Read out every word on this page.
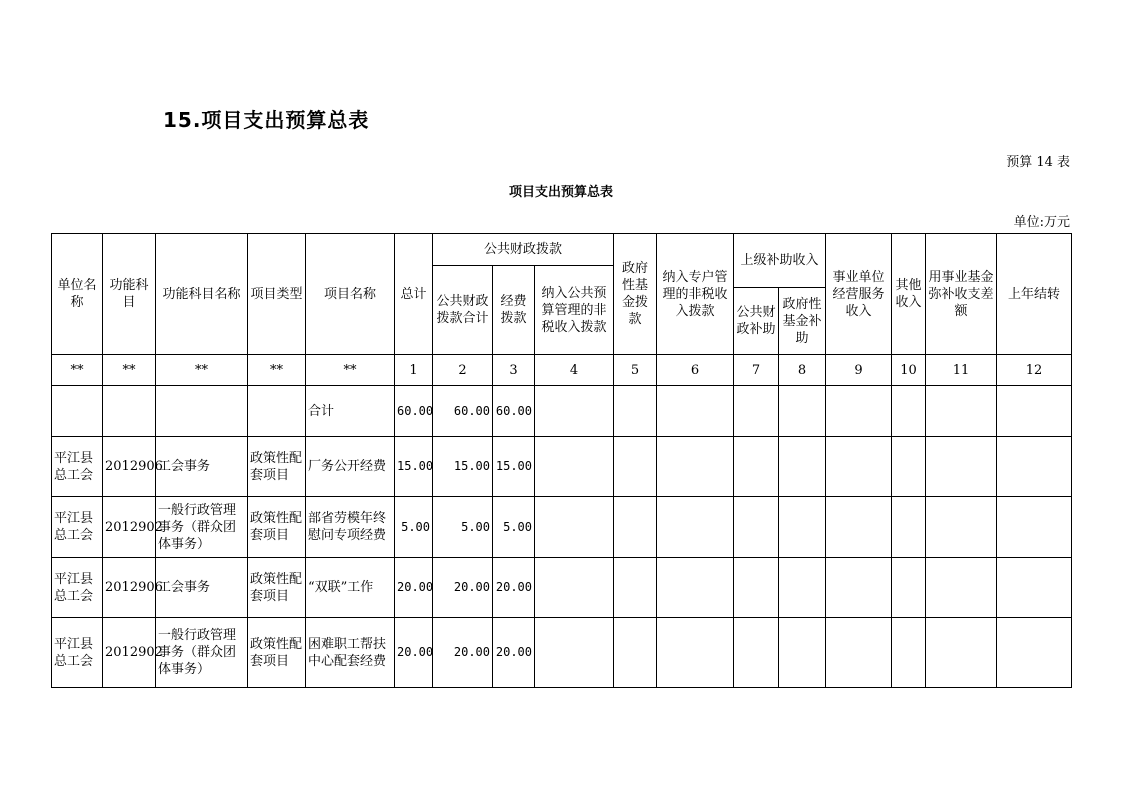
15.项目支出预算总表
预算 14 表
项目支出预算总表
单位:万元
单位名称	功能科目	功能科目名称	项目类型	项目名称	总计	公共财政拨款			政府性基金拨款	纳入专户管理的非税收入拨款	上级补助收入		事业单位经营服务收入	其他收入	用事业基金弥补收支差额	上年结转
						公共财政拨款合计	经费拨款	纳入公共预算管理的非税收入拨款								
											公共财政补助	政府性基金补助				
**	**	**	**	**	1	2	3	4	5	6	7	8	9	10	11	12
				合计	60.00	60.00	60.00									
平江县总工会	2012906	工会事务	政策性配套项目	厂务公开经费	15.00	15.00	15.00									
平江县总工会	2012902	一般行政管理事务（群众团体事务）	政策性配套项目	部省劳模年终慰问专项经费	5.00	5.00	5.00									
平江县总工会	2012906	工会事务	政策性配套项目	“双联”工作	20.00	20.00	20.00									
平江县总工会	2012902	一般行政管理事务（群众团体事务）	政策性配套项目	困难职工帮扶中心配套经费	20.00	20.00	20.00									
